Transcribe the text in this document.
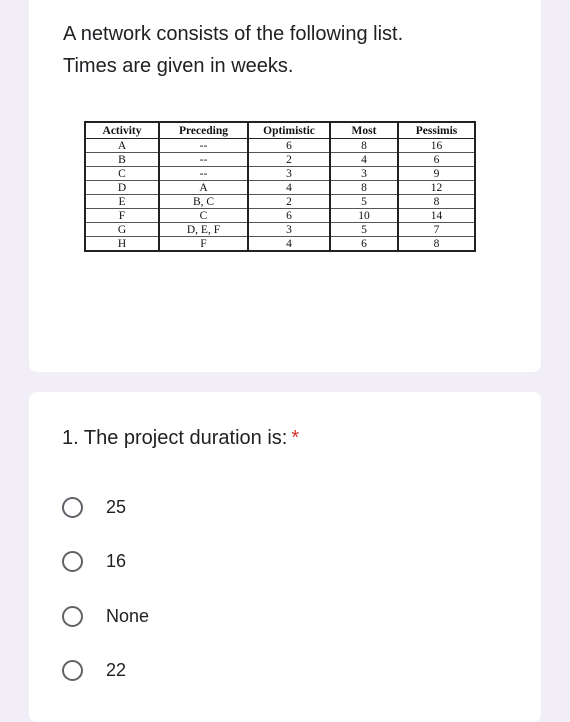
A network consists of the following list.
Times are given in weeks.

Activity	Preceding	Optimistic	Most	Pessimis
A	--	6	8	16
B	--	2	4	6
C	--	3	3	9
D	A	4	8	12
E	B, C	2	5	8
F	C	6	10	14
G	D, E, F	3	5	7
H	F	4	6	8
1. The project duration is: *
25
16
None
22
